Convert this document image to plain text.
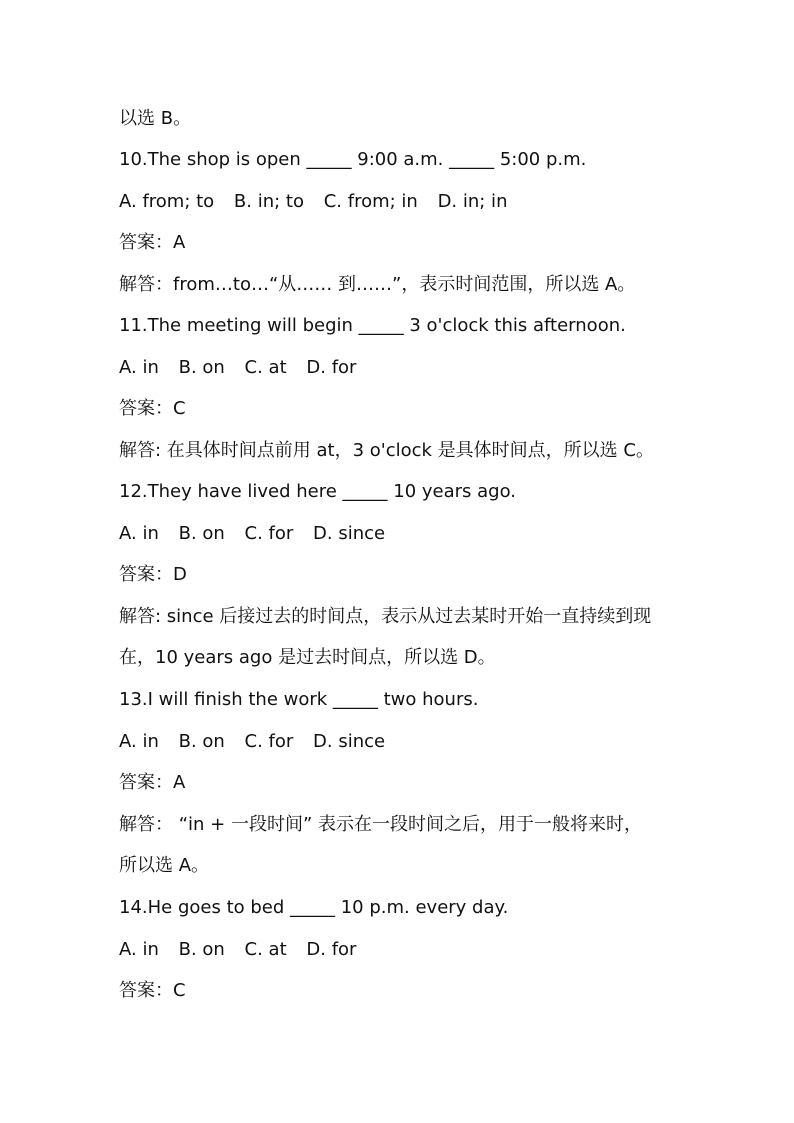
以选 B。
10.The shop is open _____ 9:00 a.m. _____ 5:00 p.m.
A. from; to B. in; to C. from; in D. in; in
答案：A
解答：from…to…“从…… 到……”，表示时间范围，所以选 A。
11.The meeting will begin _____ 3 o'clock this afternoon.
A. in B. on C. at D. for
答案：C
解答: 在具体时间点前用 at，3 o'clock 是具体时间点，所以选 C。
12.They have lived here _____ 10 years ago.
A. in B. on C. for D. since
答案：D
解答: since 后接过去的时间点，表示从过去某时开始一直持续到现
在，10 years ago 是过去时间点，所以选 D。
13.I will finish the work _____ two hours.
A. in B. on C. for D. since
答案：A
解答： “in + 一段时间” 表示在一段时间之后，用于一般将来时，
所以选 A。
14.He goes to bed _____ 10 p.m. every day.
A. in B. on C. at D. for
答案：C
